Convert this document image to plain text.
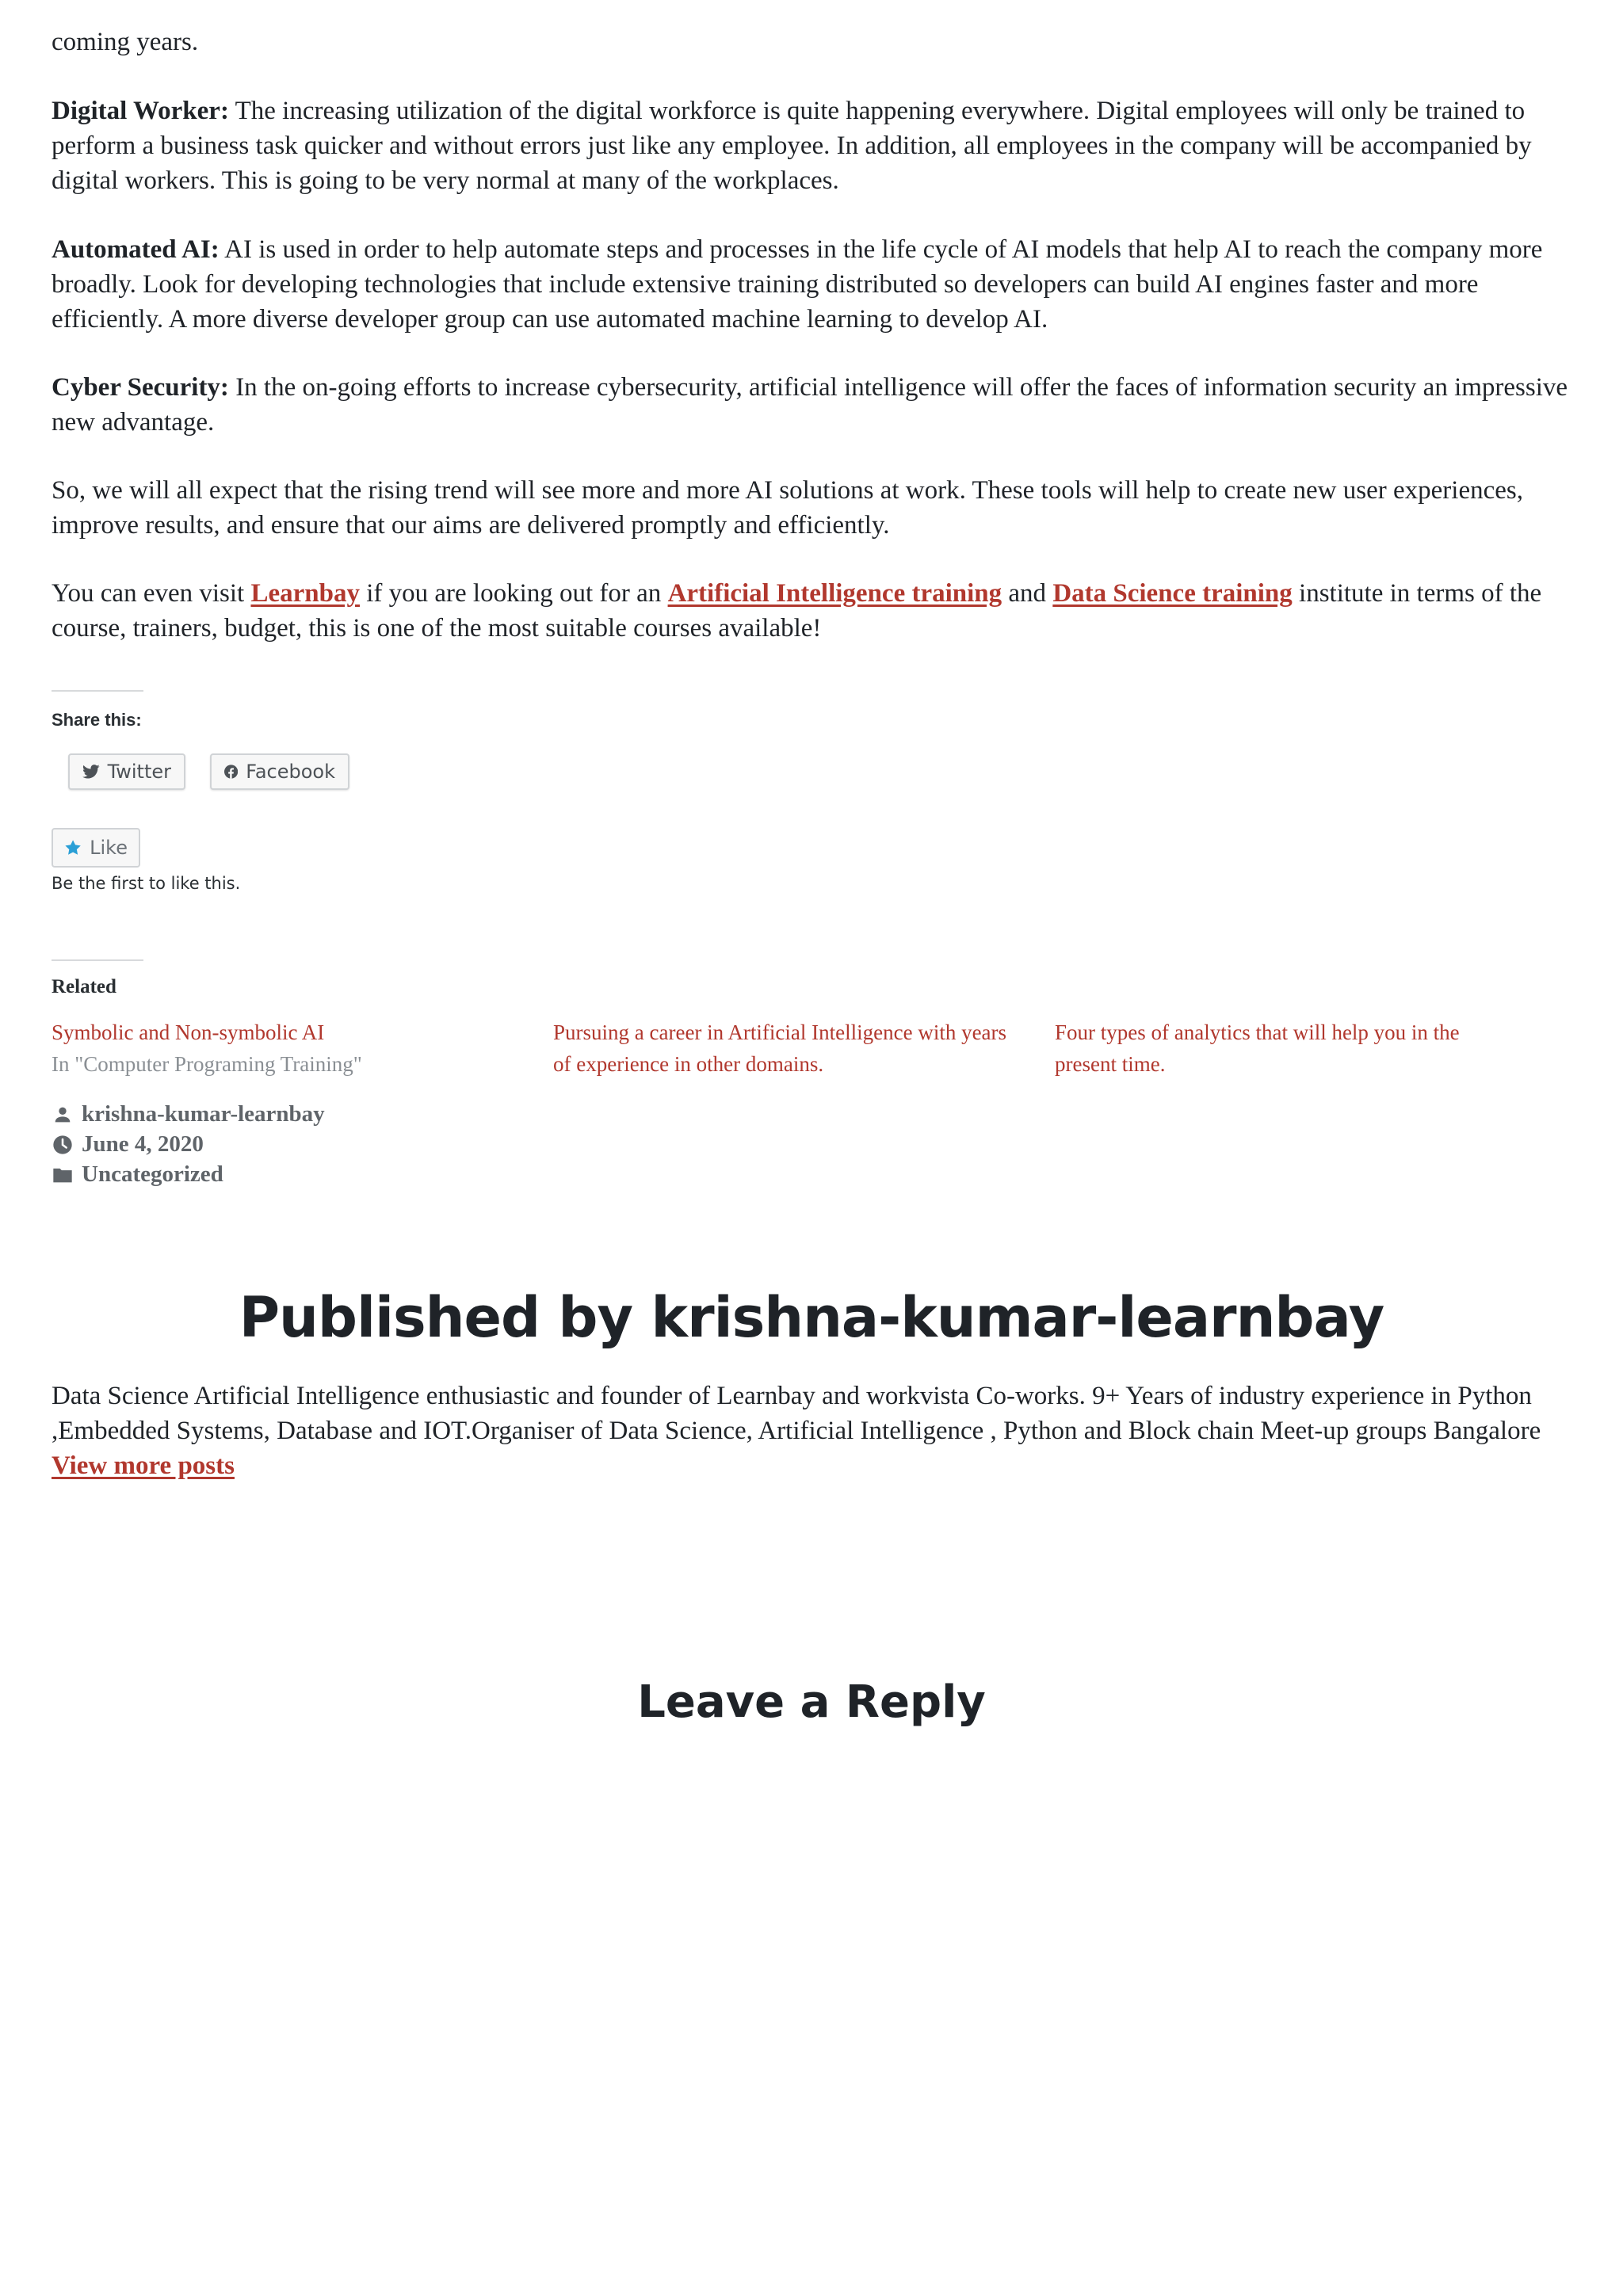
coming years.

Digital Worker: The increasing utilization of the digital workforce is quite happening everywhere. Digital employees will only be trained to perform a business task quicker and without errors just like any employee. In addition, all employees in the company will be accompanied by digital workers. This is going to be very normal at many of the workplaces.

Automated AI: AI is used in order to help automate steps and processes in the life cycle of AI models that help AI to reach the company more broadly. Look for developing technologies that include extensive training distributed so developers can build AI engines faster and more efficiently. A more diverse developer group can use automated machine learning to develop AI.

Cyber Security: In the on-going efforts to increase cybersecurity, artificial intelligence will offer the faces of information security an impressive new advantage.

So, we will all expect that the rising trend will see more and more AI solutions at work. These tools will help to create new user experiences, improve results, and ensure that our aims are delivered promptly and efficiently.

You can even visit Learnbay if you are looking out for an Artificial Intelligence training and Data Science training institute in terms of the course, trainers, budget, this is one of the most suitable courses available!

Share this:
Twitter	Facebook
Like
Be the first to like this.
Related
Symbolic and Non-symbolic AI
In "Computer Programing Training"
Pursuing a career in Artificial Intelligence with years of experience in other domains.
Four types of analytics that will help you in the present time.
krishna-kumar-learnbay
June 4, 2020
Uncategorized
Published by krishna-kumar-learnbay

Data Science Artificial Intelligence enthusiastic and founder of Learnbay and workvista Co-works. 9+ Years of industry experience in Python ,Embedded Systems, Database and IOT.Organiser of Data Science, Artificial Intelligence , Python and Block chain Meet-up groups Bangalore View more posts

Leave a Reply
